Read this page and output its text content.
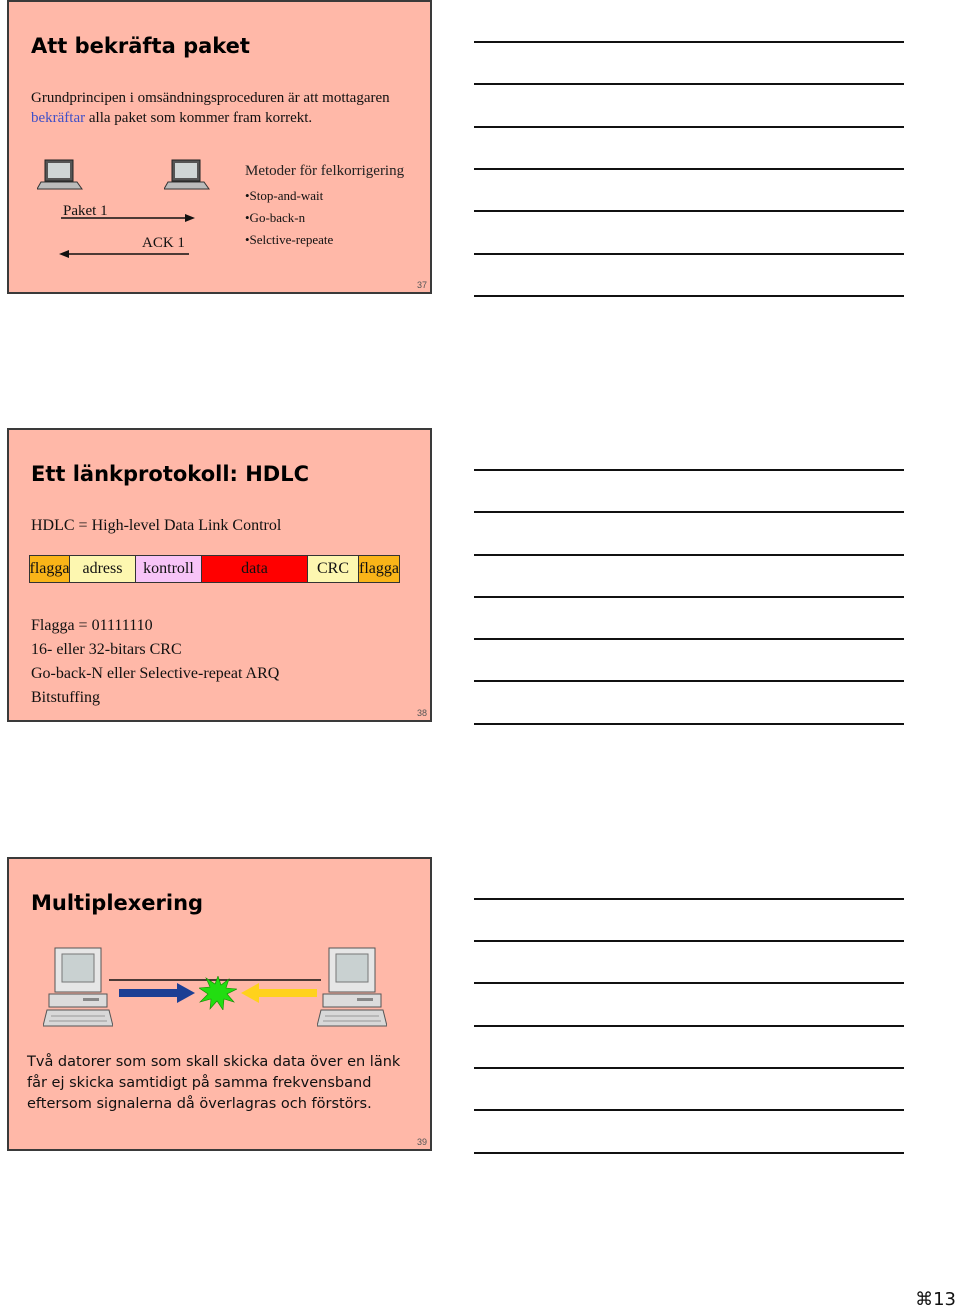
Att bekräfta paket
Grundprincipen i omsändningsproceduren är att mottagaren bekräftar alla paket som kommer fram korrekt.
Paket 1
ACK 1
Metoder för felkorrigering
•Stop-and-wait
•Go-back-n
•Selctive-repeate
37
Ett länkprotokoll: HDLC
HDLC = High-level Data Link Control
flagga adress	kontroll	data	CRC flagga
Flagga = 01111110
16- eller 32-bitars CRC
Go-back-N eller Selective-repeat ARQ
Bitstuffing
38
Multiplexering
Två datorer som som skall skicka data över en länk får ej skicka samtidigt på samma frekvensband eftersom signalerna då överlagras och förstörs.
39
⌘13
